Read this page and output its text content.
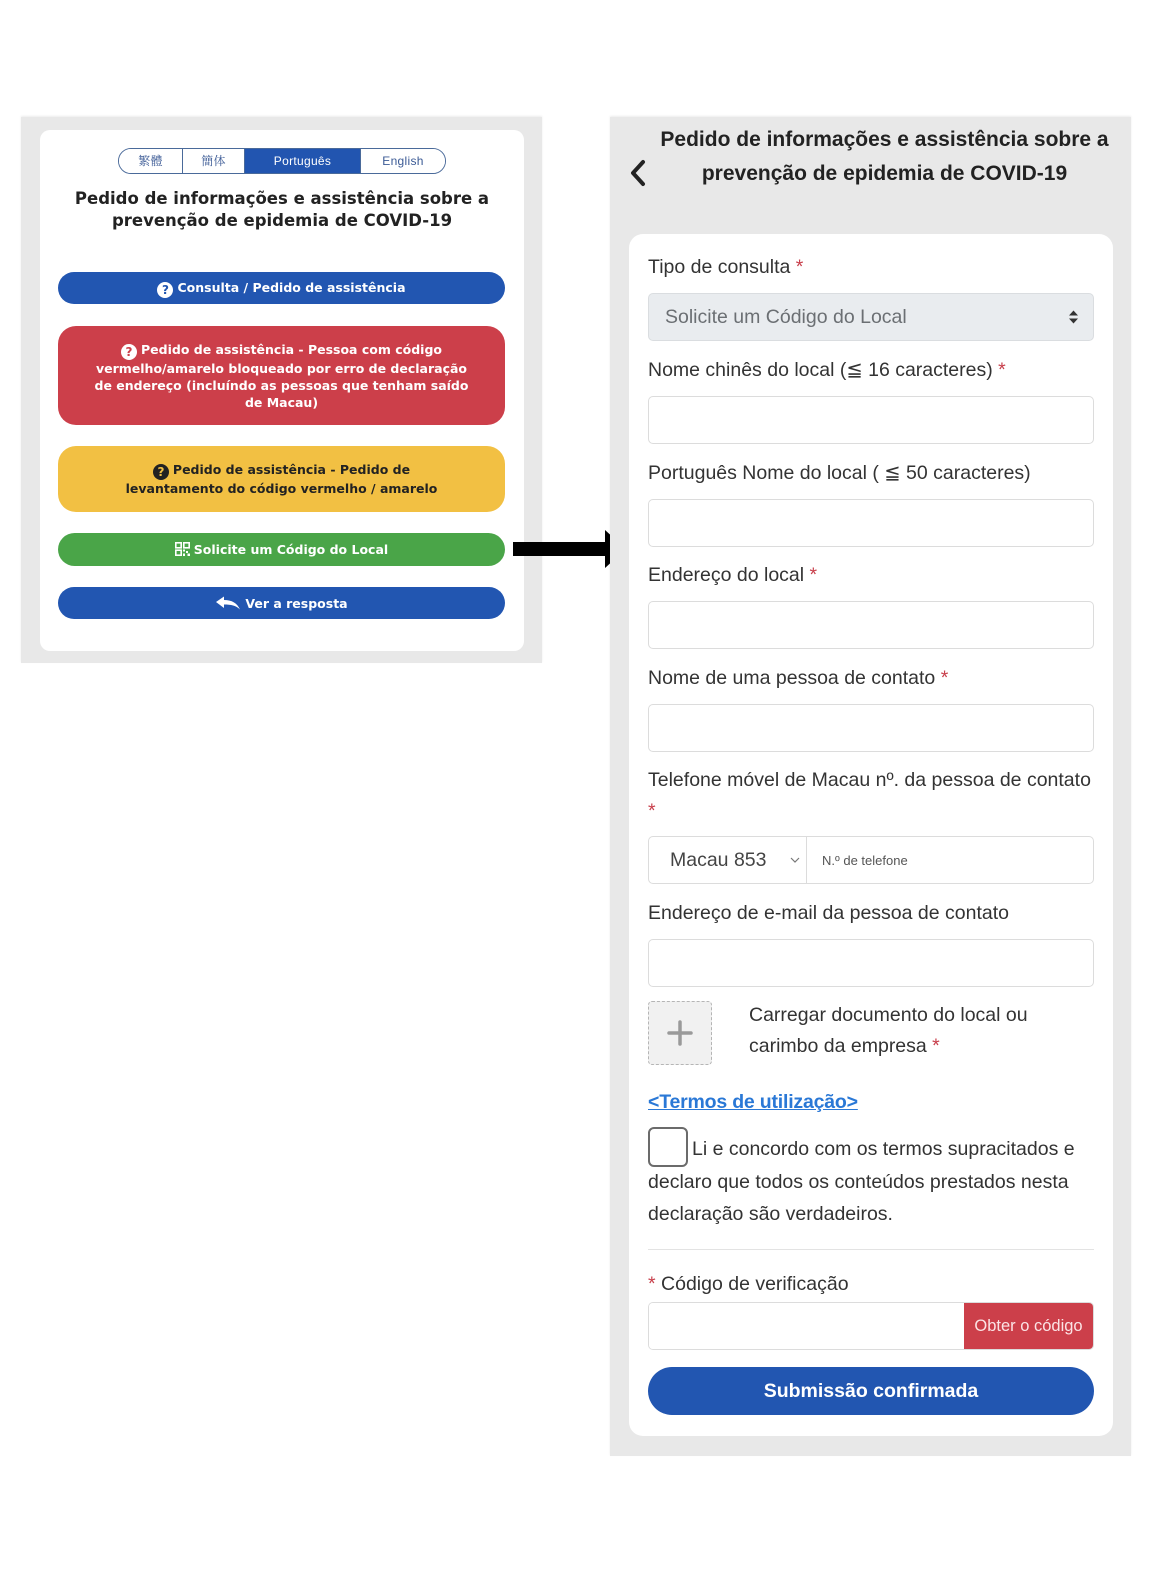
繁體	簡体	Português	English
Pedido de informações e assistência sobre a prevenção de epidemia de COVID-19
? Consulta / Pedido de assistência
? Pedido de assistência - Pessoa com código vermelho/amarelo bloqueado por erro de declaração de endereço (incluíndo as pessoas que tenham saído de Macau)
? Pedido de assistência - Pedido de levantamento do código vermelho / amarelo
Solicite um Código do Local
Ver a resposta
Pedido de informações e assistência sobre a prevenção de epidemia de COVID-19
Tipo de consulta *
Solicite um Código do Local
Nome chinês do local (≦ 16 caracteres) *
Português Nome do local ( ≦ 50 caracteres)
Endereço do local *
Nome de uma pessoa de contato *
Telefone móvel de Macau nº. da pessoa de contato *
Macau 853
N.º de telefone
Endereço de e-mail da pessoa de contato
Carregar documento do local ou carimbo da empresa *
<Termos de utilização>
Li e concordo com os termos supracitados e declaro que todos os conteúdos prestados nesta declaração são verdadeiros.
* Código de verificação
Obter o código
Submissão confirmada
